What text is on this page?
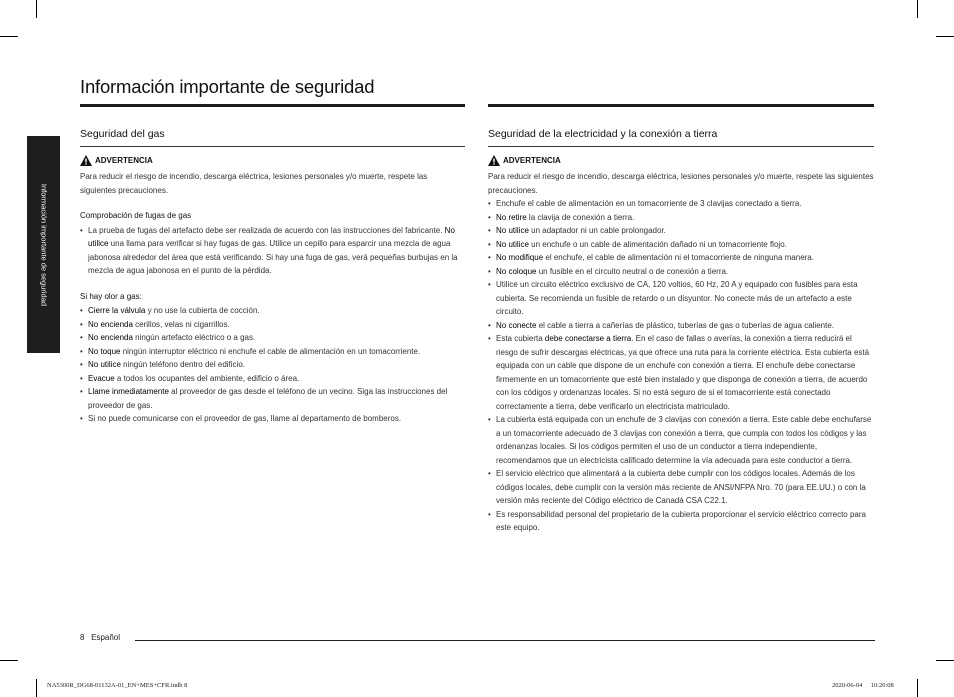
Información importante de seguridad
Información importante de seguridad
Seguridad del gas
ADVERTENCIA
Para reducir el riesgo de incendio, descarga eléctrica, lesiones personales y/o muerte, respete las siguientes precauciones.
Comprobación de fugas de gas
• La prueba de fugas del artefacto debe ser realizada de acuerdo con las instrucciones del fabricante. No utilice una llama para verificar si hay fugas de gas. Utilice un cepillo para esparcir una mezcla de agua jabonosa alrededor del área que está verificando. Si hay una fuga de gas, verá pequeñas burbujas en la mezcla de agua jabonosa en el punto de la pérdida.
Si hay olor a gas:
• Cierre la válvula y no use la cubierta de cocción.
• No encienda cerillos, velas ni cigarrillos.
• No encienda ningún artefacto eléctrico o a gas.
• No toque ningún interruptor eléctrico ni enchufe el cable de alimentación en un tomacorriente.
• No utilice ningún teléfono dentro del edificio.
• Evacue a todos los ocupantes del ambiente, edificio o área.
• Llame inmediatamente al proveedor de gas desde el teléfono de un vecino. Siga las instrucciones del proveedor de gas.
• Si no puede comunicarse con el proveedor de gas, llame al departamento de bomberos.
Seguridad de la electricidad y la conexión a tierra
ADVERTENCIA
Para reducir el riesgo de incendio, descarga eléctrica, lesiones personales y/o muerte, respete las siguientes precauciones.
• Enchufe el cable de alimentación en un tomacorriente de 3 clavijas conectado a tierra.
• No retire la clavija de conexión a tierra.
• No utilice un adaptador ni un cable prolongador.
• No utilice un enchufe o un cable de alimentación dañado ni un tomacorriente flojo.
• No modifique el enchufe, el cable de alimentación ni el tomacorriente de ninguna manera.
• No coloque un fusible en el circuito neutral o de conexión a tierra.
• Utilice un circuito eléctrico exclusivo de CA, 120 voltios, 60 Hz, 20 A y equipado con fusibles para esta cubierta. Se recomienda un fusible de retardo o un disyuntor. No conecte más de un artefacto a este circuito.
• No conecte el cable a tierra a cañerías de plástico, tuberías de gas o tuberías de agua caliente.
• Esta cubierta debe conectarse a tierra. En el caso de fallas o averías, la conexión a tierra reducirá el riesgo de sufrir descargas eléctricas, ya que ofrece una ruta para la corriente eléctrica. Esta cubierta está equipada con un cable que dispone de un enchufe con conexión a tierra. El enchufe debe conectarse firmemente en un tomacorriente que esté bien instalado y que disponga de conexión a tierra, de acuerdo con los códigos y ordenanzas locales. Si no está seguro de si el tomacorriente está conectado correctamente a tierra, debe verificarlo un electricista matriculado.
• La cubierta está equipada con un enchufe de 3 clavijas con conexión a tierra. Este cable debe enchufarse a un tomacorriente adecuado de 3 clavijas con conexión a tierra, que cumpla con todos los códigos y las ordenanzas locales. Si los códigos permiten el uso de un conductor a tierra independiente, recomendamos que un electricista calificado determine la vía adecuada para este conductor a tierra.
• El servicio eléctrico que alimentará a la cubierta debe cumplir con los códigos locales. Además de los códigos locales, debe cumplir con la versión más reciente de ANSI/NFPA Nro. 70 (para EE.UU.) o con la versión más reciente del Código eléctrico de Canadá CSA C22.1.
• Es responsabilidad personal del propietario de la cubierta proporcionar el servicio eléctrico correcto para este equipo.
8 Español
NA5300R_DG68-01132A-01_EN+MES+CFR.indb 8	2020-06-04   10:20:08
